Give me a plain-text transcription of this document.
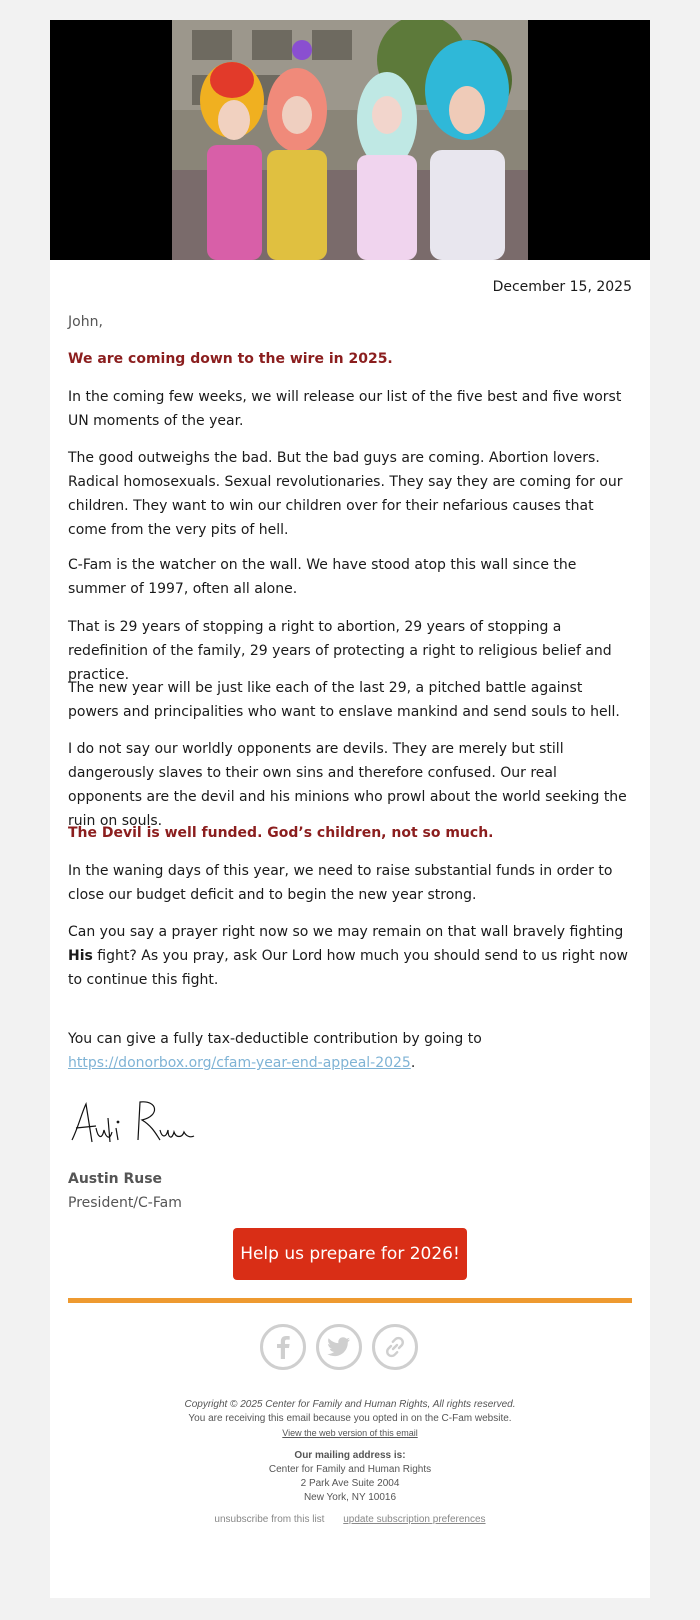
December 15, 2025
John,
We are coming down to the wire in 2025.
In the coming few weeks, we will release our list of the five best and five worst UN moments of the year.
The good outweighs the bad. But the bad guys are coming. Abortion lovers. Radical homosexuals. Sexual revolutionaries. They say they are coming for our children. They want to win our children over for their nefarious causes that come from the very pits of hell.
C-Fam is the watcher on the wall. We have stood atop this wall since the summer of 1997, often all alone.
That is 29 years of stopping a right to abortion, 29 years of stopping a redefinition of the family, 29 years of protecting a right to religious belief and practice.
The new year will be just like each of the last 29, a pitched battle against powers and principalities who want to enslave mankind and send souls to hell.
I do not say our worldly opponents are devils. They are merely but still dangerously slaves to their own sins and therefore confused. Our real opponents are the devil and his minions who prowl about the world seeking the ruin on souls.
The Devil is well funded. God’s children, not so much.
In the waning days of this year, we need to raise substantial funds in order to close our budget deficit and to begin the new year strong.
Can you say a prayer right now so we may remain on that wall bravely fighting His fight? As you pray, ask Our Lord how much you should send to us right now to continue this fight.
You can give a fully tax-deductible contribution by going to https://donorbox.org/cfam-year-end-appeal-2025.
Austin Ruse
President/C-Fam
Help us prepare for 2026!
Copyright © 2025 Center for Family and Human Rights, All rights reserved.
You are receiving this email because you opted in on the C-Fam website.
View the web version of this email
Our mailing address is:
Center for Family and Human Rights
2 Park Ave Suite 2004
New York, NY 10016
unsubscribe from this list update subscription preferences
